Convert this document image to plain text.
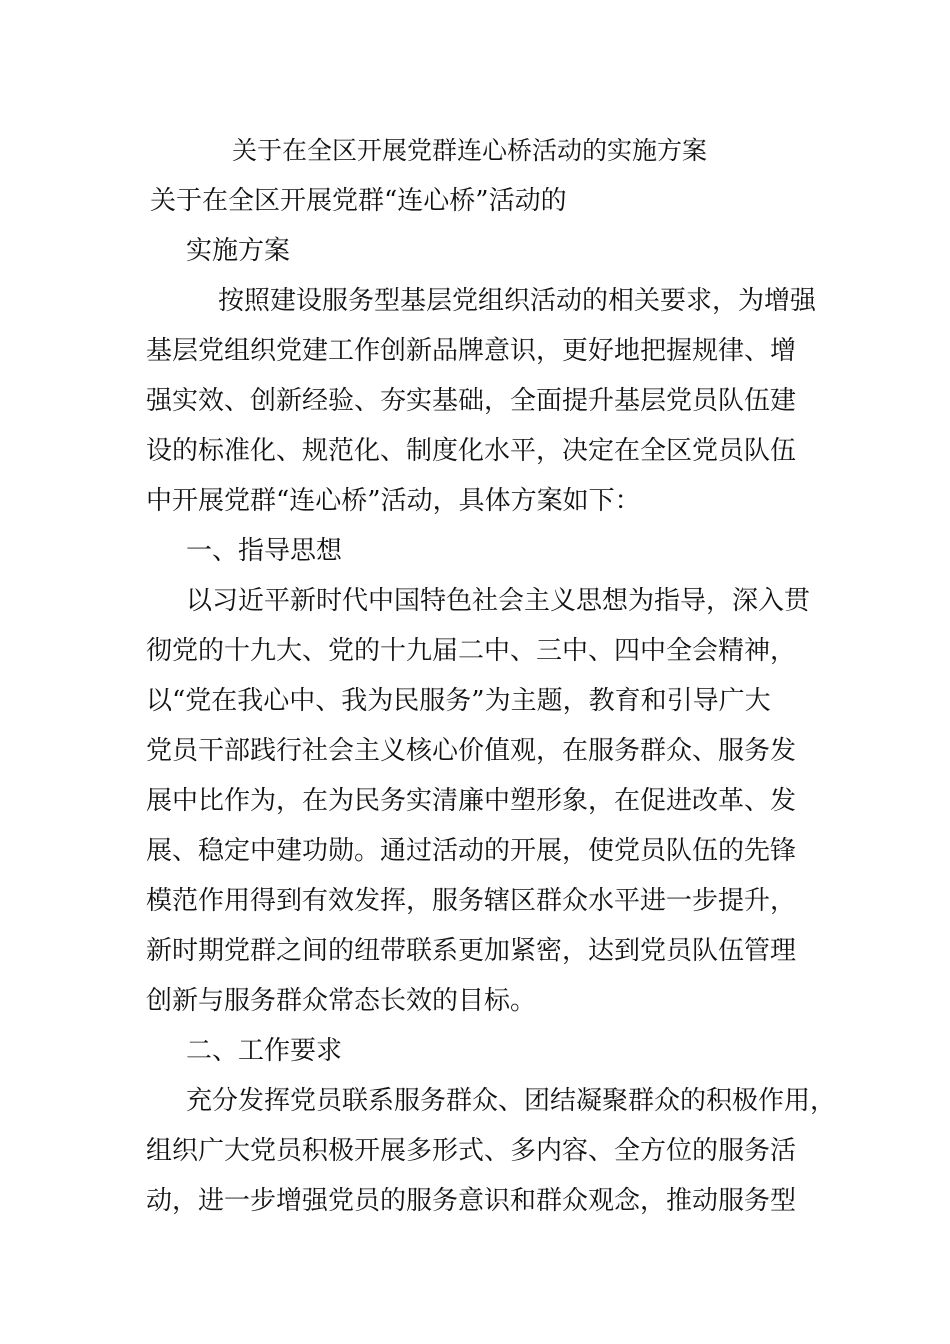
关于在全区开展党群连心桥活动的实施方案
关于在全区开展党群“连心桥”活动的
实施方案
按照建设服务型基层党组织活动的相关要求，为增强
基层党组织党建工作创新品牌意识，更好地把握规律、增
强实效、创新经验、夯实基础，全面提升基层党员队伍建
设的标准化、规范化、制度化水平，决定在全区党员队伍
中开展党群“连心桥”活动，具体方案如下：
一、指导思想
以习近平新时代中国特色社会主义思想为指导，深入贯
彻党的十九大、党的十九届二中、三中、四中全会精神，
以“党在我心中、我为民服务”为主题，教育和引导广大
党员干部践行社会主义核心价值观，在服务群众、服务发
展中比作为，在为民务实清廉中塑形象，在促进改革、发
展、稳定中建功勋。通过活动的开展，使党员队伍的先锋
模范作用得到有效发挥，服务辖区群众水平进一步提升，
新时期党群之间的纽带联系更加紧密，达到党员队伍管理
创新与服务群众常态长效的目标。
二、工作要求
充分发挥党员联系服务群众、团结凝聚群众的积极作用，
组织广大党员积极开展多形式、多内容、全方位的服务活
动，进一步增强党员的服务意识和群众观念，推动服务型
